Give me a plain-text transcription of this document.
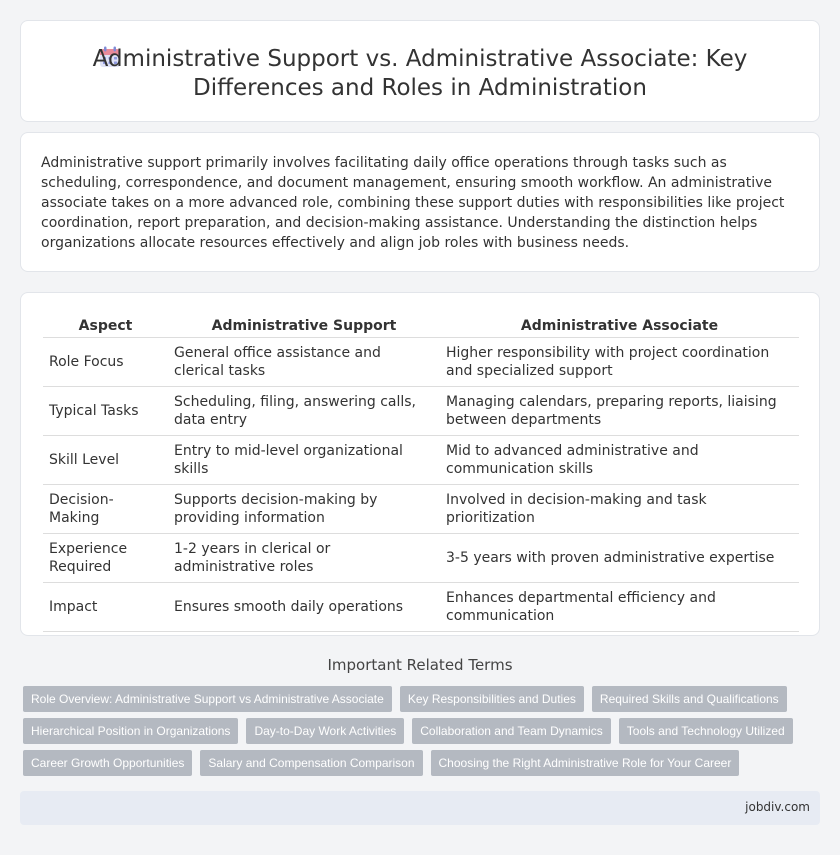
Administrative Support vs. Administrative Associate: Key Differences and Roles in Administration

Administrative support primarily involves facilitating daily office operations through tasks such as scheduling, correspondence, and document management, ensuring smooth workflow. An administrative associate takes on a more advanced role, combining these support duties with responsibilities like project coordination, report preparation, and decision-making assistance. Understanding the distinction helps organizations allocate resources effectively and align job roles with business needs.

Aspect	Administrative Support	Administrative Associate
Role Focus	General office assistance and clerical tasks	Higher responsibility with project coordination and specialized support
Typical Tasks	Scheduling, filing, answering calls, data entry	Managing calendars, preparing reports, liaising between departments
Skill Level	Entry to mid-level organizational skills	Mid to advanced administrative and communication skills
Decision-Making	Supports decision-making by providing information	Involved in decision-making and task prioritization
Experience Required	1-2 years in clerical or administrative roles	3-5 years with proven administrative expertise
Impact	Ensures smooth daily operations	Enhances departmental efficiency and communication
Important Related Terms
Role Overview: Administrative Support vs Administrative Associate Key Responsibilities and Duties Required Skills and QualificationsHierarchical Position in Organizations Day-to-Day Work Activities Collaboration and Team Dynamics Tools and Technology UtilizedCareer Growth Opportunities Salary and Compensation Comparison Choosing the Right Administrative Role for Your Career
jobdiv.com
